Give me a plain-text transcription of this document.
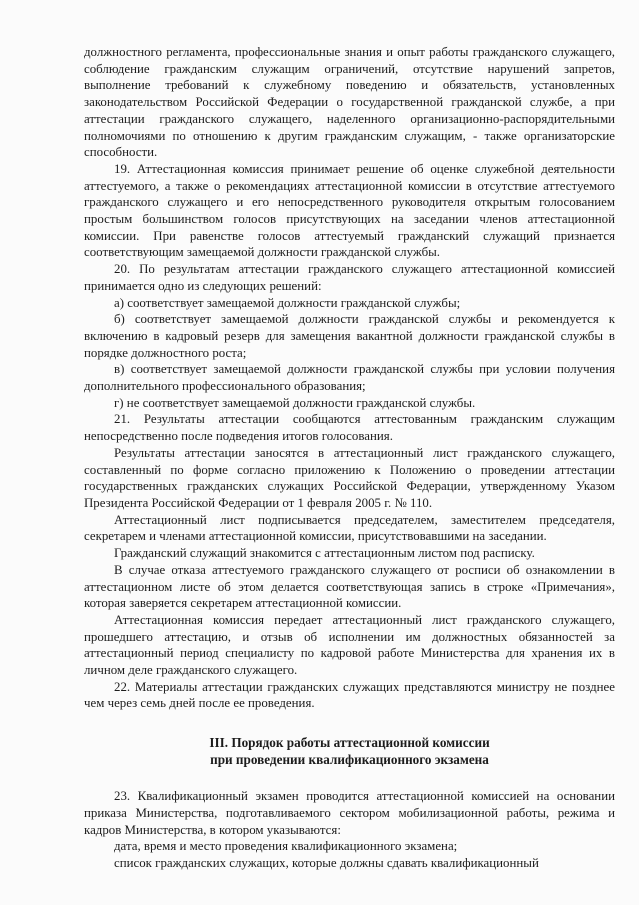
должностного регламента, профессиональные знания и опыт работы гражданского служащего, соблюдение гражданским служащим ограничений, отсутствие нарушений запретов, выполнение требований к служебному поведению и обязательств, установленных законодательством Российской Федерации о государственной гражданской службе, а при аттестации гражданского служащего, наделенного организационно-распорядительными полномочиями по отношению к другим гражданским служащим, - также организаторские способности.

19. Аттестационная комиссия принимает решение об оценке служебной деятельности аттестуемого, а также о рекомендациях аттестационной комиссии в отсутствие аттестуемого гражданского служащего и его непосредственного руководителя открытым голосованием простым большинством голосов присутствующих на заседании членов аттестационной комиссии. При равенстве голосов аттестуемый гражданский служащий признается соответствующим замещаемой должности гражданской службы.

20. По результатам аттестации гражданского служащего аттестационной комиссией принимается одно из следующих решений:

а) соответствует замещаемой должности гражданской службы;

б) соответствует замещаемой должности гражданской службы и рекомендуется к включению в кадровый резерв для замещения вакантной должности гражданской службы в порядке должностного роста;

в) соответствует замещаемой должности гражданской службы при условии получения дополнительного профессионального образования;

г) не соответствует замещаемой должности гражданской службы.

21. Результаты аттестации сообщаются аттестованным гражданским служащим непосредственно после подведения итогов голосования.

Результаты аттестации заносятся в аттестационный лист гражданского служащего, составленный по форме согласно приложению к Положению о проведении аттестации государственных гражданских служащих Российской Федерации, утвержденному Указом Президента Российской Федерации от 1 февраля 2005 г. № 110.

Аттестационный лист подписывается председателем, заместителем председателя, секретарем и членами аттестационной комиссии, присутствовавшими на заседании.

Гражданский служащий знакомится с аттестационным листом под расписку.

В случае отказа аттестуемого гражданского служащего от росписи об ознакомлении в аттестационном листе об этом делается соответствующая запись в строке «Примечания», которая заверяется секретарем аттестационной комиссии.

Аттестационная комиссия передает аттестационный лист гражданского служащего, прошедшего аттестацию, и отзыв об исполнении им должностных обязанностей за аттестационный период специалисту по кадровой работе Министерства для хранения их в личном деле гражданского служащего.

22. Материалы аттестации гражданских служащих представляются министру не позднее чем через семь дней после ее проведения.

III. Порядок работы аттестационной комиссии
при проведении квалификационного экзамена

23. Квалификационный экзамен проводится аттестационной комиссией на основании приказа Министерства, подготавливаемого сектором мобилизационной работы, режима и кадров Министерства, в котором указываются:

дата, время и место проведения квалификационного экзамена;

список гражданских служащих, которые должны сдавать квалификационный
